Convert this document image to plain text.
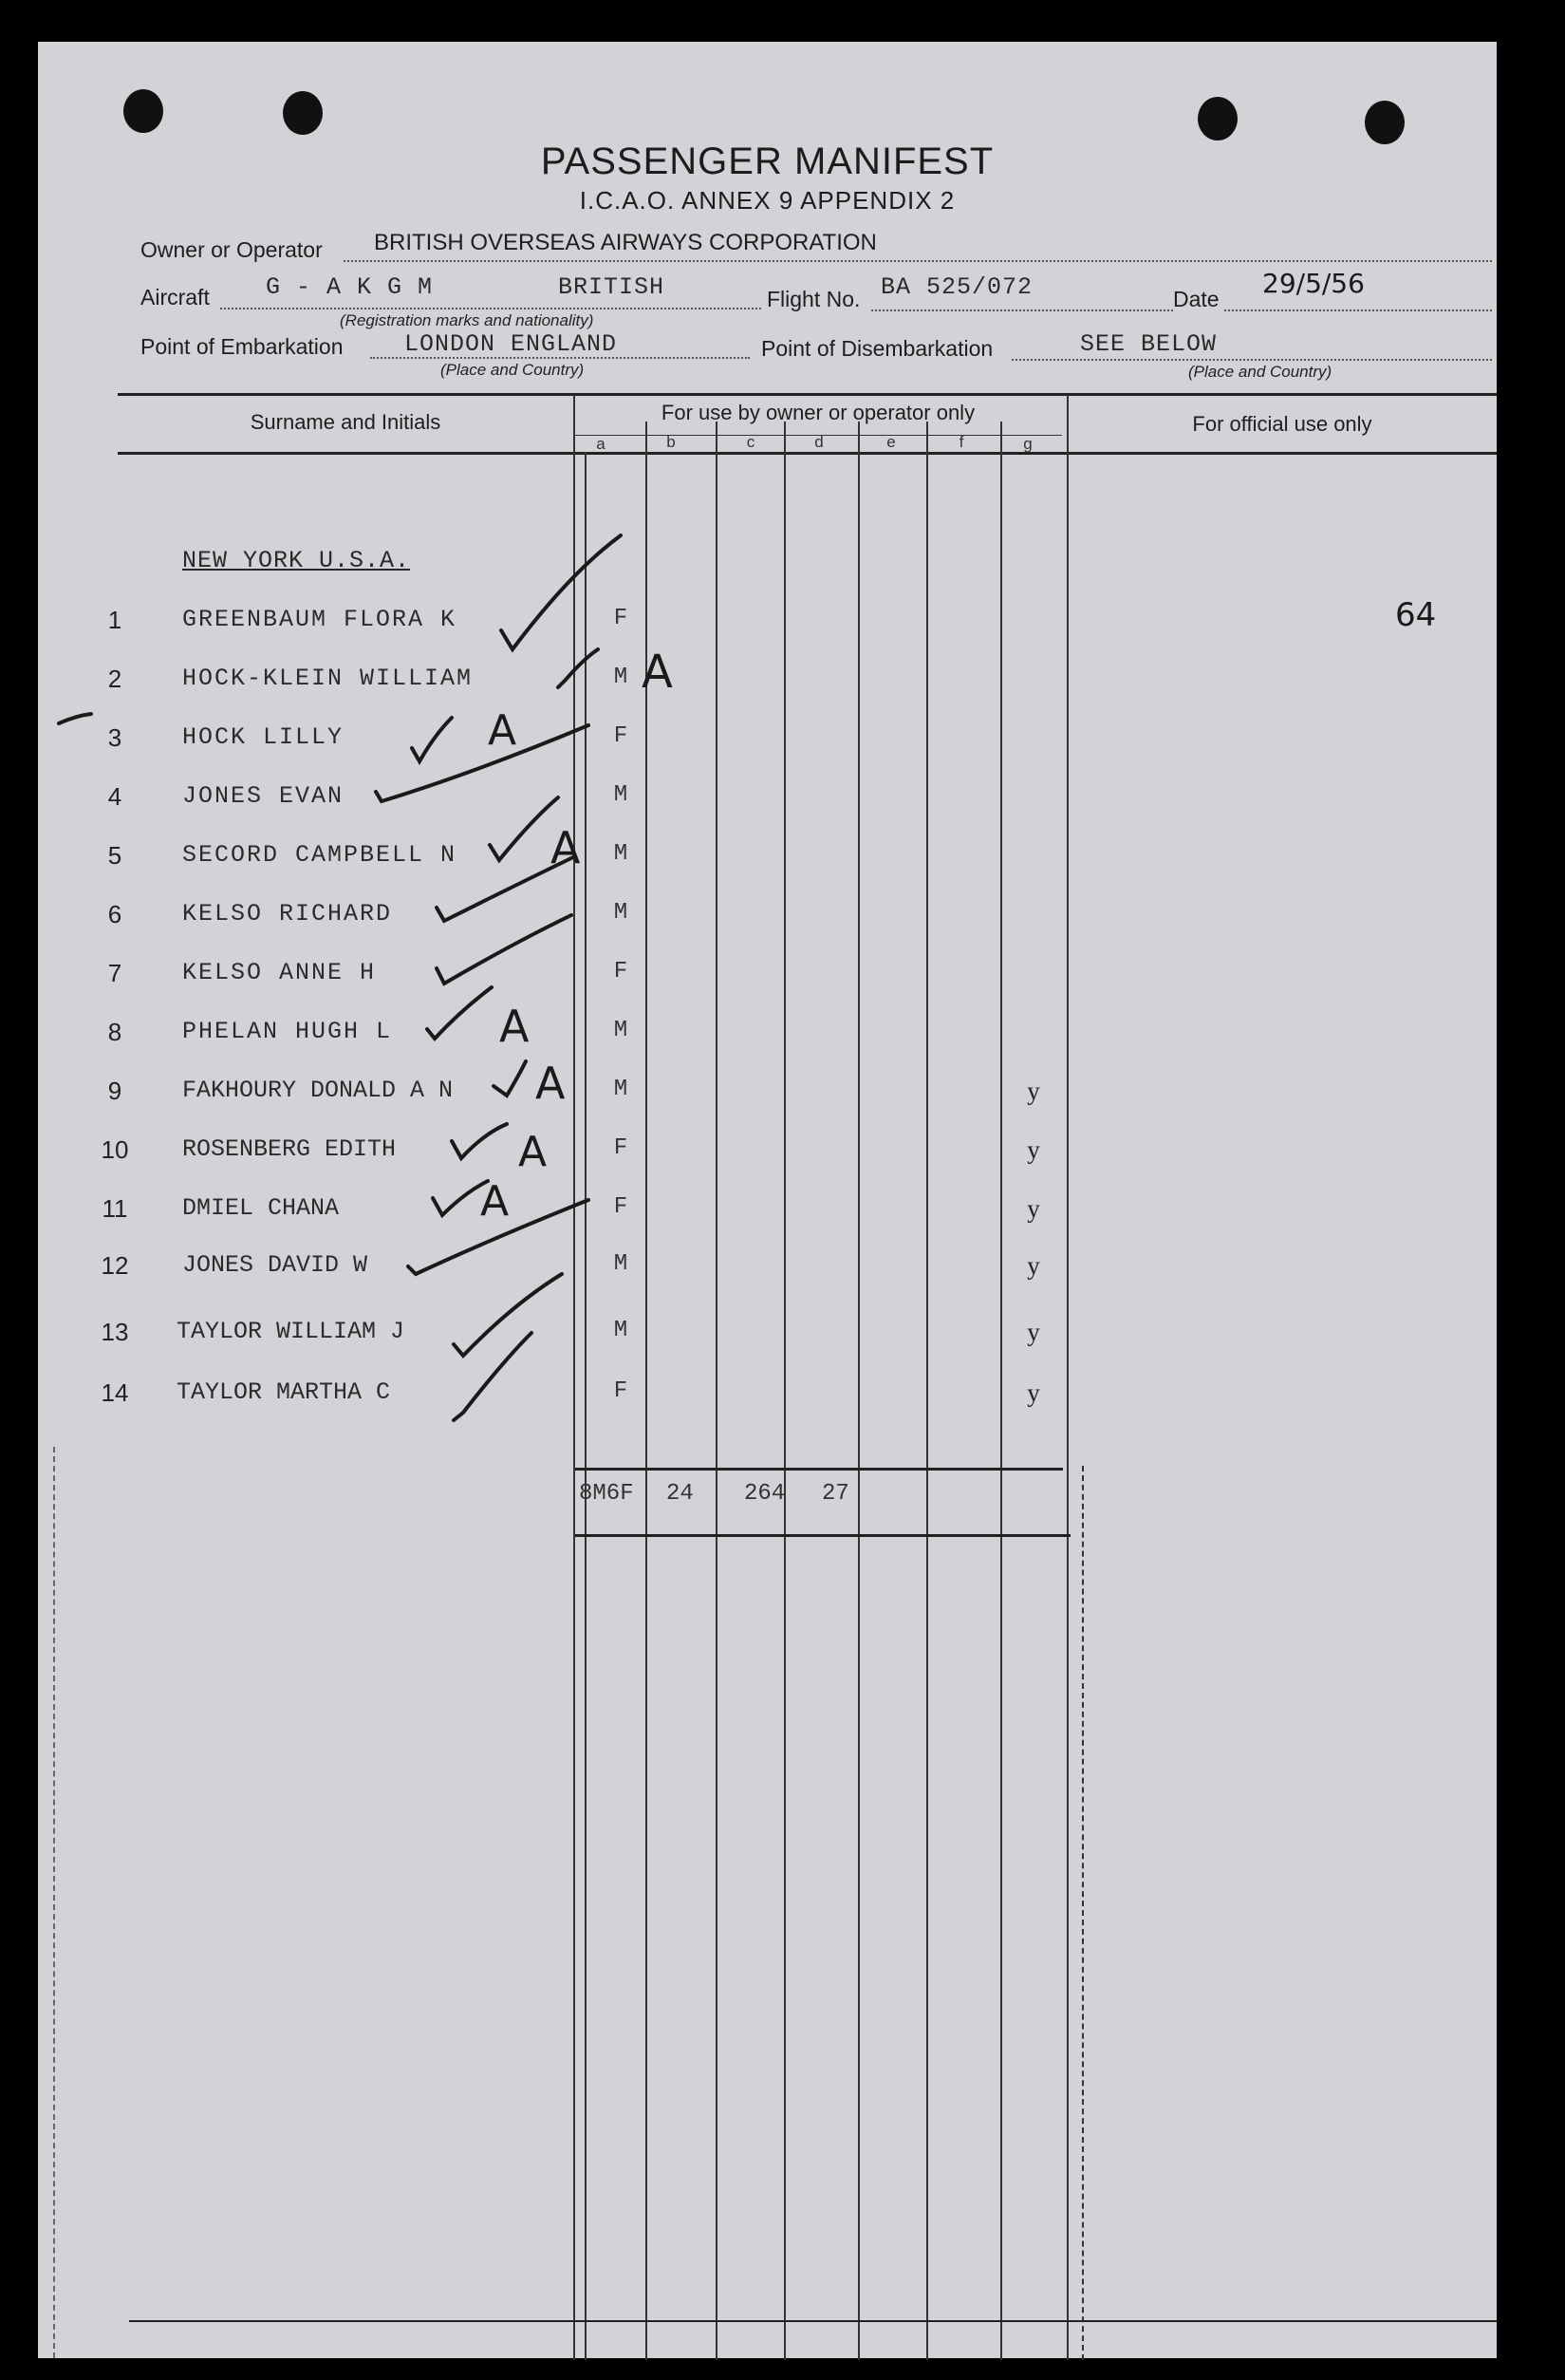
PASSENGER MANIFEST
I.C.A.O. ANNEX 9 APPENDIX 2
Owner or Operator BRITISH OVERSEAS AIRWAYS CORPORATION
Aircraft G - A K G M	BRITISH
(Registration marks and nationality)
Flight No. BA 525/072	Date 29/5/56
Point of Embarkation	LONDON ENGLAND
(Place and Country)
Point of Disembarkation	SEE BELOW
(Place and Country)
Surname and Initials	For use by owner or operator only	For official use only
a	b	c	d	e	f	g
NEW YORK U.S.A.
64
1	GREENBAUM FLORA K	F
2	HOCK-KLEIN WILLIAM	M
3	HOCK LILLY	F
4	JONES EVAN	M
5	SECORD CAMPBELL N	M
6	KELSO RICHARD	M
7	KELSO ANNE H	F
8	PHELAN HUGH L	M
9	FAKHOURY DONALD A N	M	y
10	ROSENBERG EDITH	F	y
11	DMIEL CHANA	F	y
12	JONES DAVID W	M	y
13	TAYLOR WILLIAM J	M	y
14	TAYLOR MARTHA C	F	y
A
A
A
A
A
A
A
8M6F 24 264 27
